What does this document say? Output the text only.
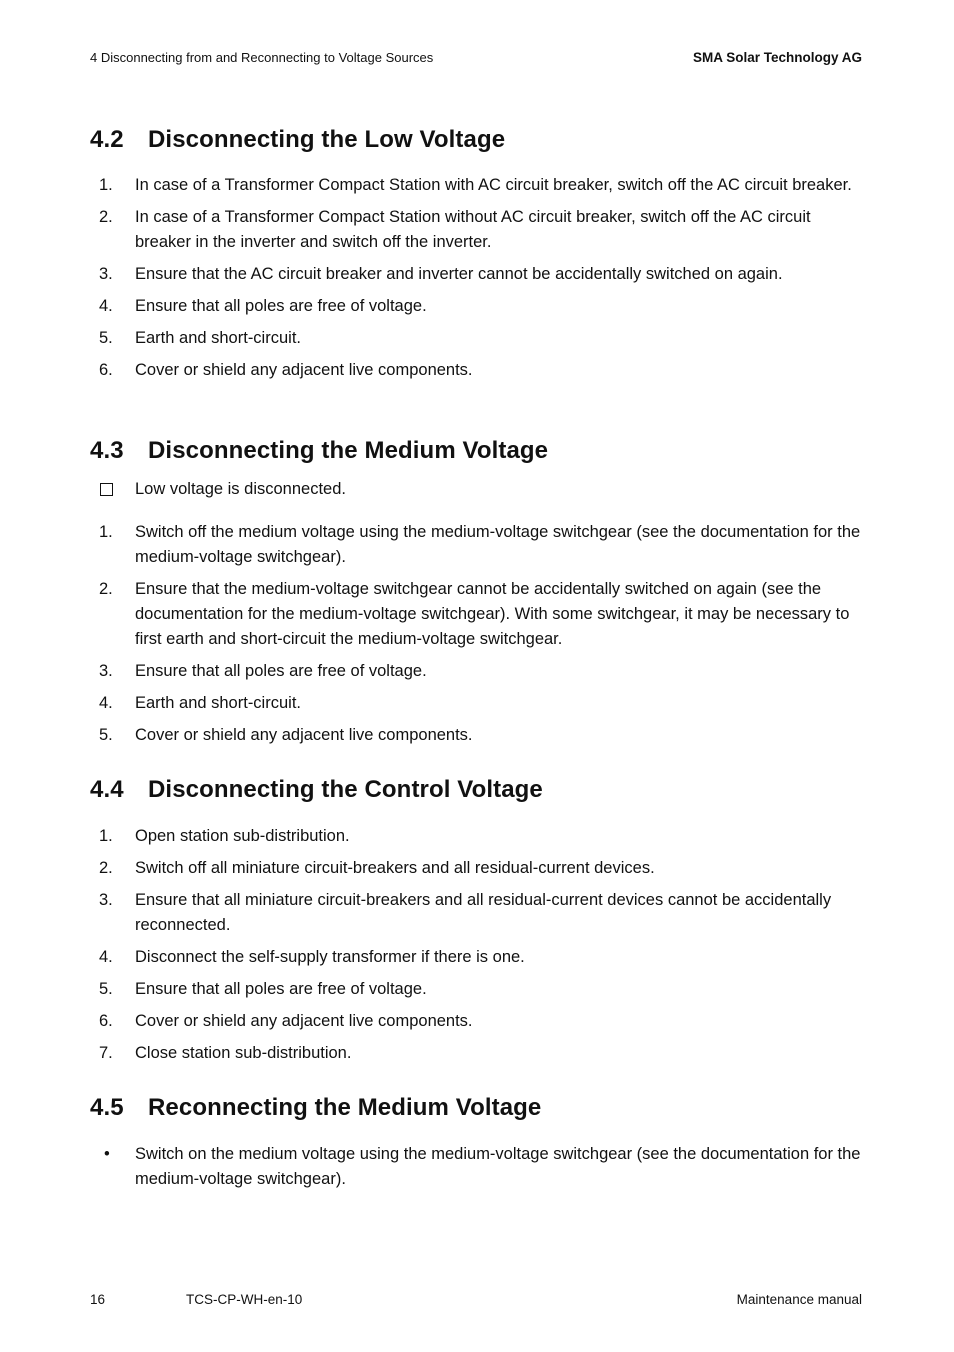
4 Disconnecting from and Reconnecting to Voltage Sources	SMA Solar Technology AG
4.2	Disconnecting the Low Voltage
1.	In case of a Transformer Compact Station with AC circuit breaker, switch off the AC circuit breaker.
2.	In case of a Transformer Compact Station without AC circuit breaker, switch off the AC circuit breaker in the inverter and switch off the inverter.
3.	Ensure that the AC circuit breaker and inverter cannot be accidentally switched on again.
4.	Ensure that all poles are free of voltage.
5.	Earth and short-circuit.
6.	Cover or shield any adjacent live components.
4.3	Disconnecting the Medium Voltage
Low voltage is disconnected.
1.	Switch off the medium voltage using the medium-voltage switchgear (see the documentation for the medium-voltage switchgear).
2.	Ensure that the medium-voltage switchgear cannot be accidentally switched on again (see the documentation for the medium-voltage switchgear). With some switchgear, it may be necessary to first earth and short-circuit the medium-voltage switchgear.
3.	Ensure that all poles are free of voltage.
4.	Earth and short-circuit.
5.	Cover or shield any adjacent live components.
4.4	Disconnecting the Control Voltage
1.	Open station sub-distribution.
2.	Switch off all miniature circuit-breakers and all residual-current devices.
3.	Ensure that all miniature circuit-breakers and all residual-current devices cannot be accidentally reconnected.
4.	Disconnect the self-supply transformer if there is one.
5.	Ensure that all poles are free of voltage.
6.	Cover or shield any adjacent live components.
7.	Close station sub-distribution.
4.5	Reconnecting the Medium Voltage
•	Switch on the medium voltage using the medium-voltage switchgear (see the documentation for the medium-voltage switchgear).
16	TCS-CP-WH-en-10	Maintenance manual
